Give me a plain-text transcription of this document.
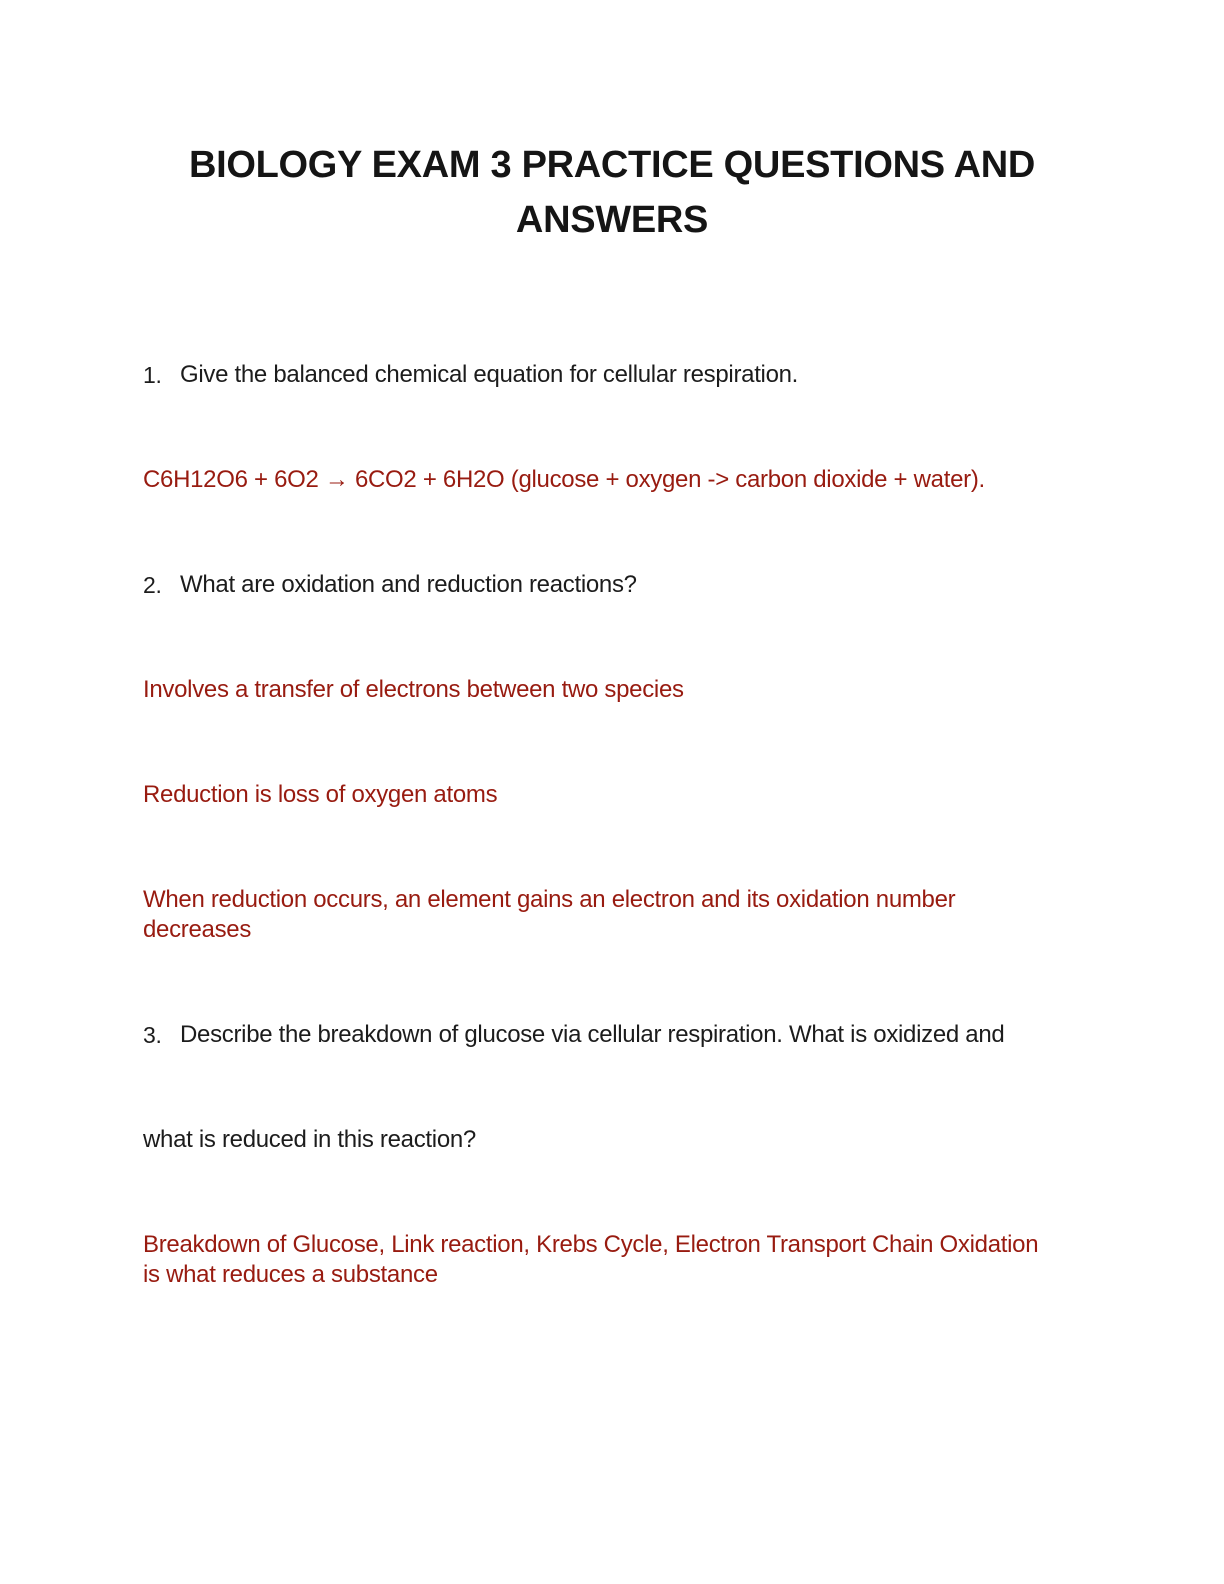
BIOLOGY EXAM 3 PRACTICE QUESTIONS AND
ANSWERS
1. Give the balanced chemical equation for cellular respiration.
C6H12O6 + 6O2 → 6CO2 + 6H2O (glucose + oxygen -> carbon dioxide + water).
2. What are oxidation and reduction reactions?
Involves a transfer of electrons between two species
Reduction is loss of oxygen atoms
When reduction occurs, an element gains an electron and its oxidation number
decreases
3. Describe the breakdown of glucose via cellular respiration. What is oxidized and
what is reduced in this reaction?
Breakdown of Glucose, Link reaction, Krebs Cycle, Electron Transport Chain Oxidation
is what reduces a substance
